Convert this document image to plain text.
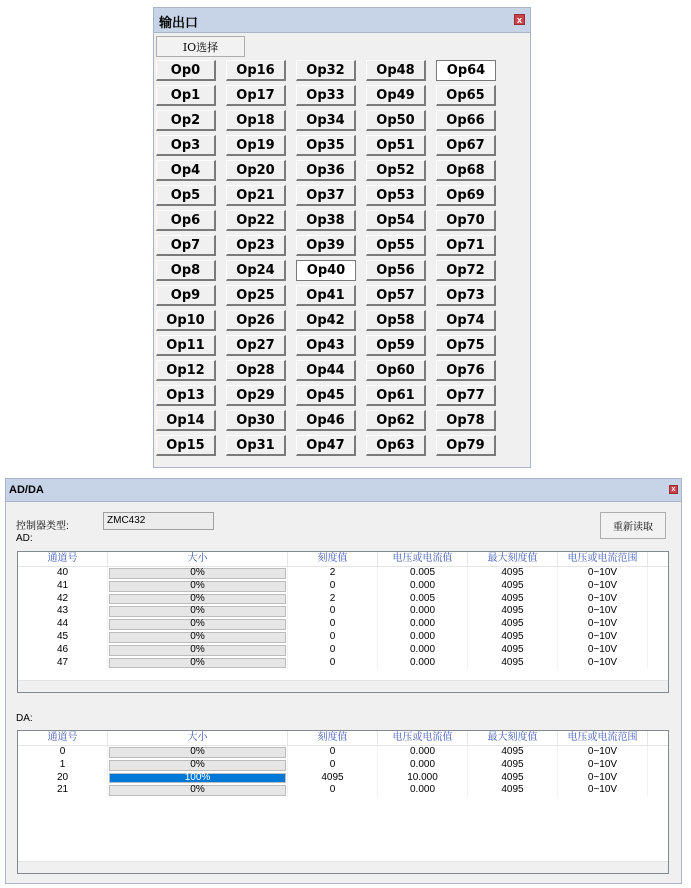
输出口	x
IO选择
Op0
Op1
Op2
Op3
Op4
Op5
Op6
Op7
Op8
Op9
Op10
Op11
Op12
Op13
Op14
Op15
Op16
Op17
Op18
Op19
Op20
Op21
Op22
Op23
Op24
Op25
Op26
Op27
Op28
Op29
Op30
Op31
Op32
Op33
Op34
Op35
Op36
Op37
Op38
Op39
Op40
Op41
Op42
Op43
Op44
Op45
Op46
Op47
Op48
Op49
Op50
Op51
Op52
Op53
Op54
Op55
Op56
Op57
Op58
Op59
Op60
Op61
Op62
Op63
Op64
Op65
Op66
Op67
Op68
Op69
Op70
Op71
Op72
Op73
Op74
Op75
Op76
Op77
Op78
Op79
AD/DA	x
控制器类型:
ZMC432
重新读取
AD:
通道号	大小	刻度值	电压或电流值	最大刻度值	电压或电流范围
40	0%	2	0.005	4095	0~10V
41	0%	0	0.000	4095	0~10V
42	0%	2	0.005	4095	0~10V
43	0%	0	0.000	4095	0~10V
44	0%	0	0.000	4095	0~10V
45	0%	0	0.000	4095	0~10V
46	0%	0	0.000	4095	0~10V
47	0%	0	0.000	4095	0~10V
DA:
通道号	大小	刻度值	电压或电流值	最大刻度值	电压或电流范围
0	0%	0	0.000	4095	0~10V
1	0%	0	0.000	4095	0~10V
20	100%	4095	10.000	4095	0~10V
21	0%	0	0.000	4095	0~10V
